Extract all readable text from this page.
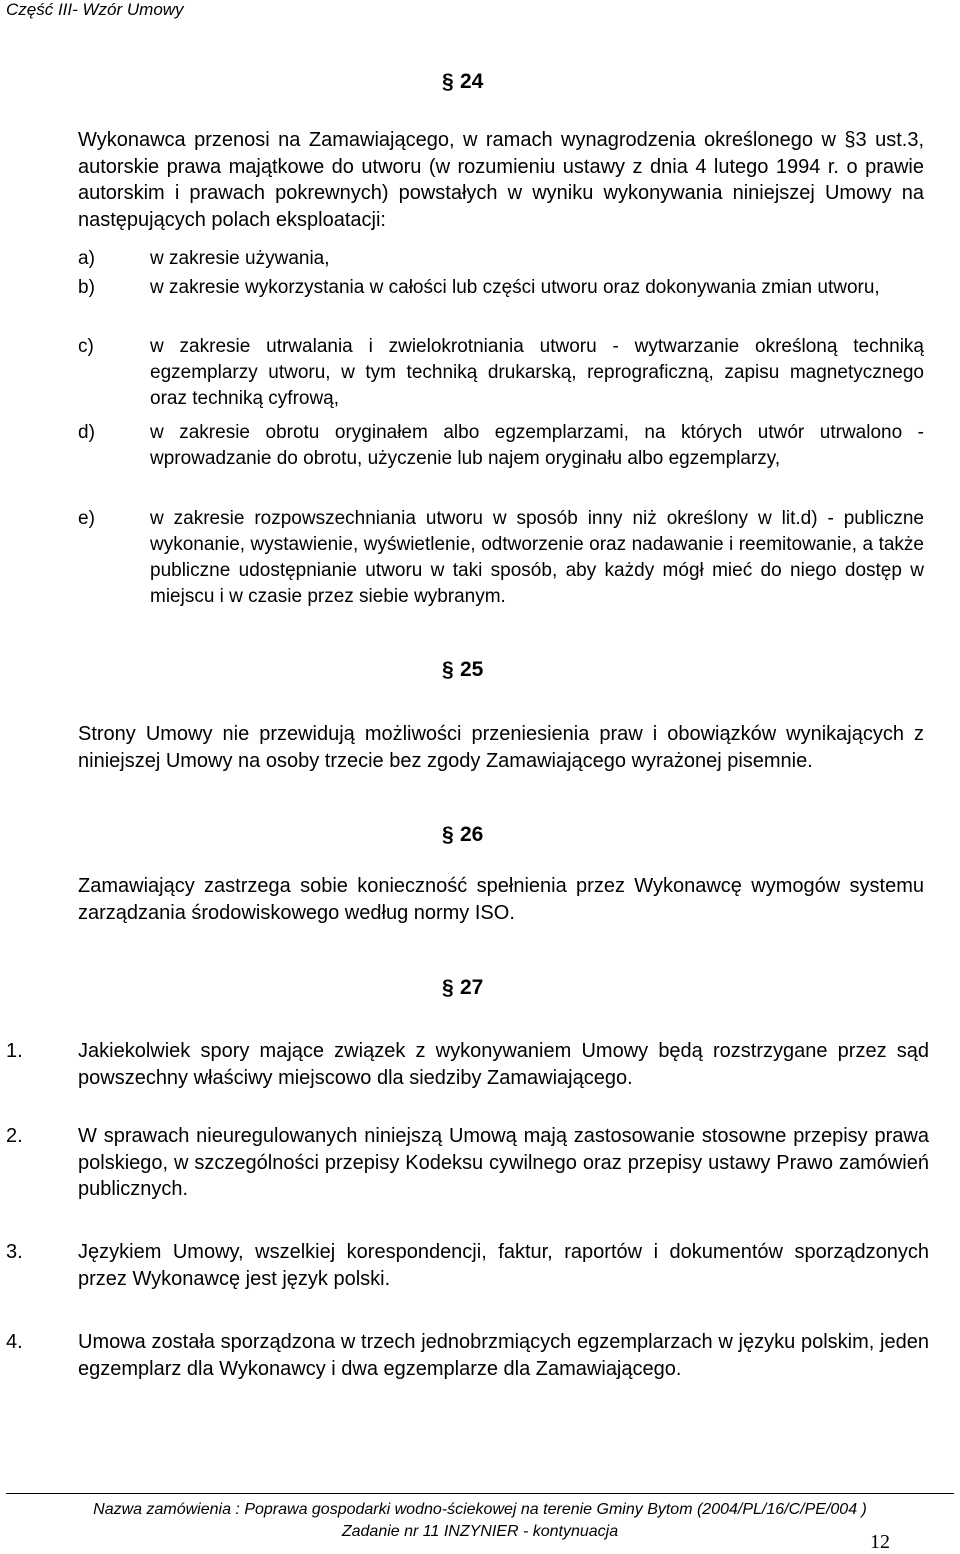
Część III- Wzór Umowy
§ 24
Wykonawca przenosi na Zamawiającego, w ramach wynagrodzenia określonego w §3 ust.3, autorskie prawa majątkowe do utworu (w rozumieniu ustawy z dnia 4 lutego 1994 r. o prawie autorskim i prawach pokrewnych) powstałych w wyniku wykonywania niniejszej Umowy na następujących polach eksploatacji:
a)	w zakresie używania,
b)	w zakresie wykorzystania w całości lub części utworu oraz dokonywania zmian utworu,
c)	w zakresie utrwalania i zwielokrotniania utworu - wytwarzanie określoną techniką egzemplarzy utworu, w tym techniką drukarską, reprograficzną, zapisu magnetycznego oraz techniką cyfrową,
d)	w zakresie obrotu oryginałem albo egzemplarzami, na których utwór utrwalono - wprowadzanie do obrotu, użyczenie lub najem oryginału albo egzemplarzy,
e)	w zakresie rozpowszechniania utworu w sposób inny niż określony w lit.d) - publiczne wykonanie, wystawienie, wyświetlenie, odtworzenie oraz nadawanie i reemitowanie, a także publiczne udostępnianie utworu w taki sposób, aby każdy mógł mieć do niego dostęp w miejscu i w czasie przez siebie wybranym.
§ 25
Strony Umowy nie przewidują możliwości przeniesienia praw i obowiązków wynikających z niniejszej Umowy na osoby trzecie bez zgody Zamawiającego wyrażonej pisemnie.
§ 26
Zamawiający zastrzega sobie konieczność spełnienia przez Wykonawcę wymogów systemu zarządzania środowiskowego według normy ISO.
§ 27
1.	Jakiekolwiek spory mające związek z wykonywaniem Umowy będą rozstrzygane przez sąd powszechny właściwy miejscowo dla siedziby Zamawiającego.
2.	W sprawach nieuregulowanych niniejszą Umową mają zastosowanie stosowne przepisy prawa polskiego, w szczególności przepisy Kodeksu cywilnego oraz przepisy ustawy Prawo zamówień publicznych.
3.	Językiem Umowy, wszelkiej korespondencji, faktur, raportów i dokumentów sporządzonych przez Wykonawcę jest język polski.
4.	Umowa została sporządzona w trzech jednobrzmiących egzemplarzach w języku polskim, jeden egzemplarz dla Wykonawcy i dwa egzemplarze dla Zamawiającego.
Nazwa zamówienia : Poprawa gospodarki wodno-ściekowej na terenie Gminy Bytom (2004/PL/16/C/PE/004 )
Zadanie nr 11 INZYNIER - kontynuacja	12
